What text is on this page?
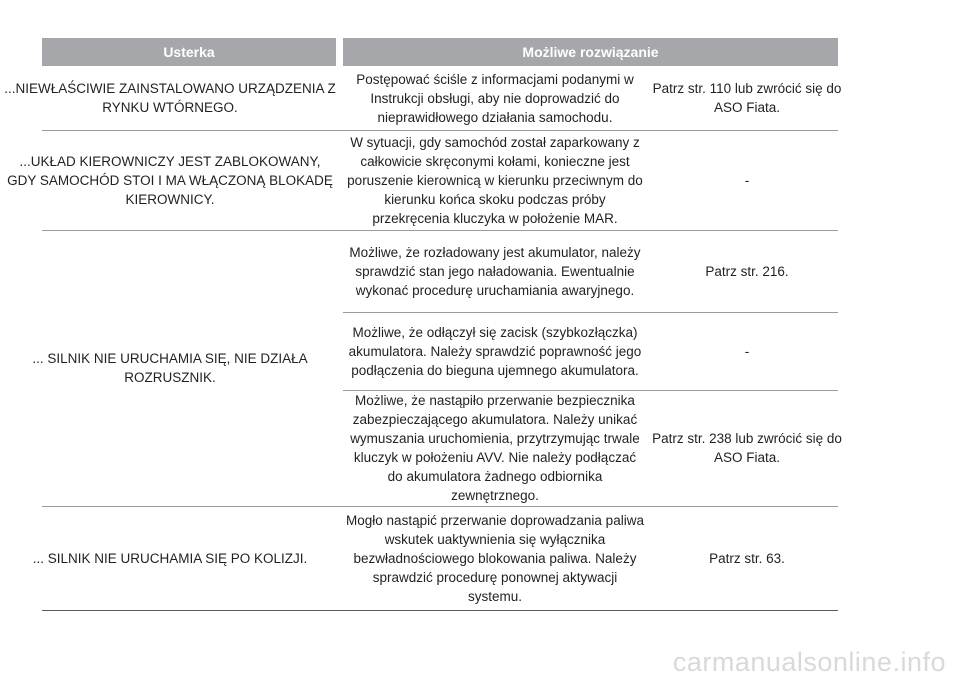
Usterka	Możliwe rozwiązanie
...NIEWŁAŚCIWIE ZAINSTALOWANO URZĄDZENIA Z RYNKU WTÓRNEGO.
Postępować ściśle z informacjami podanymi w Instrukcji obsługi, aby nie doprowadzić do nieprawidłowego działania samochodu.
Patrz str. 110 lub zwrócić się do ASO Fiata.
...UKŁAD KIEROWNICZY JEST ZABLOKOWANY, GDY SAMOCHÓD STOI I MA WŁĄCZONĄ BLOKADĘ KIEROWNICY.
W sytuacji, gdy samochód został zaparkowany z całkowicie skręconymi kołami, konieczne jest poruszenie kierownicą w kierunku przeciwnym do kierunku końca skoku podczas próby przekręcenia kluczyka w położenie MAR.
-
... SILNIK NIE URUCHAMIA SIĘ, NIE DZIAŁA ROZRUSZNIK.
Możliwe, że rozładowany jest akumulator, należy sprawdzić stan jego naładowania. Ewentualnie wykonać procedurę uruchamiania awaryjnego.
Patrz str. 216.
Możliwe, że odłączył się zacisk (szybkozłączka) akumulatora. Należy sprawdzić poprawność jego podłączenia do bieguna ujemnego akumulatora.
-
Możliwe, że nastąpiło przerwanie bezpiecznika zabezpieczającego akumulatora. Należy unikać wymuszania uruchomienia, przytrzymując trwale kluczyk w położeniu AVV. Nie należy podłączać do akumulatora żadnego odbiornika zewnętrznego.
Patrz str. 238 lub zwrócić się do ASO Fiata.
... SILNIK NIE URUCHAMIA SIĘ PO KOLIZJI.
Mogło nastąpić przerwanie doprowadzania paliwa wskutek uaktywnienia się wyłącznika bezwładnościowego blokowania paliwa. Należy sprawdzić procedurę ponownej aktywacji systemu.
Patrz str. 63.
carmanualsonline.info
